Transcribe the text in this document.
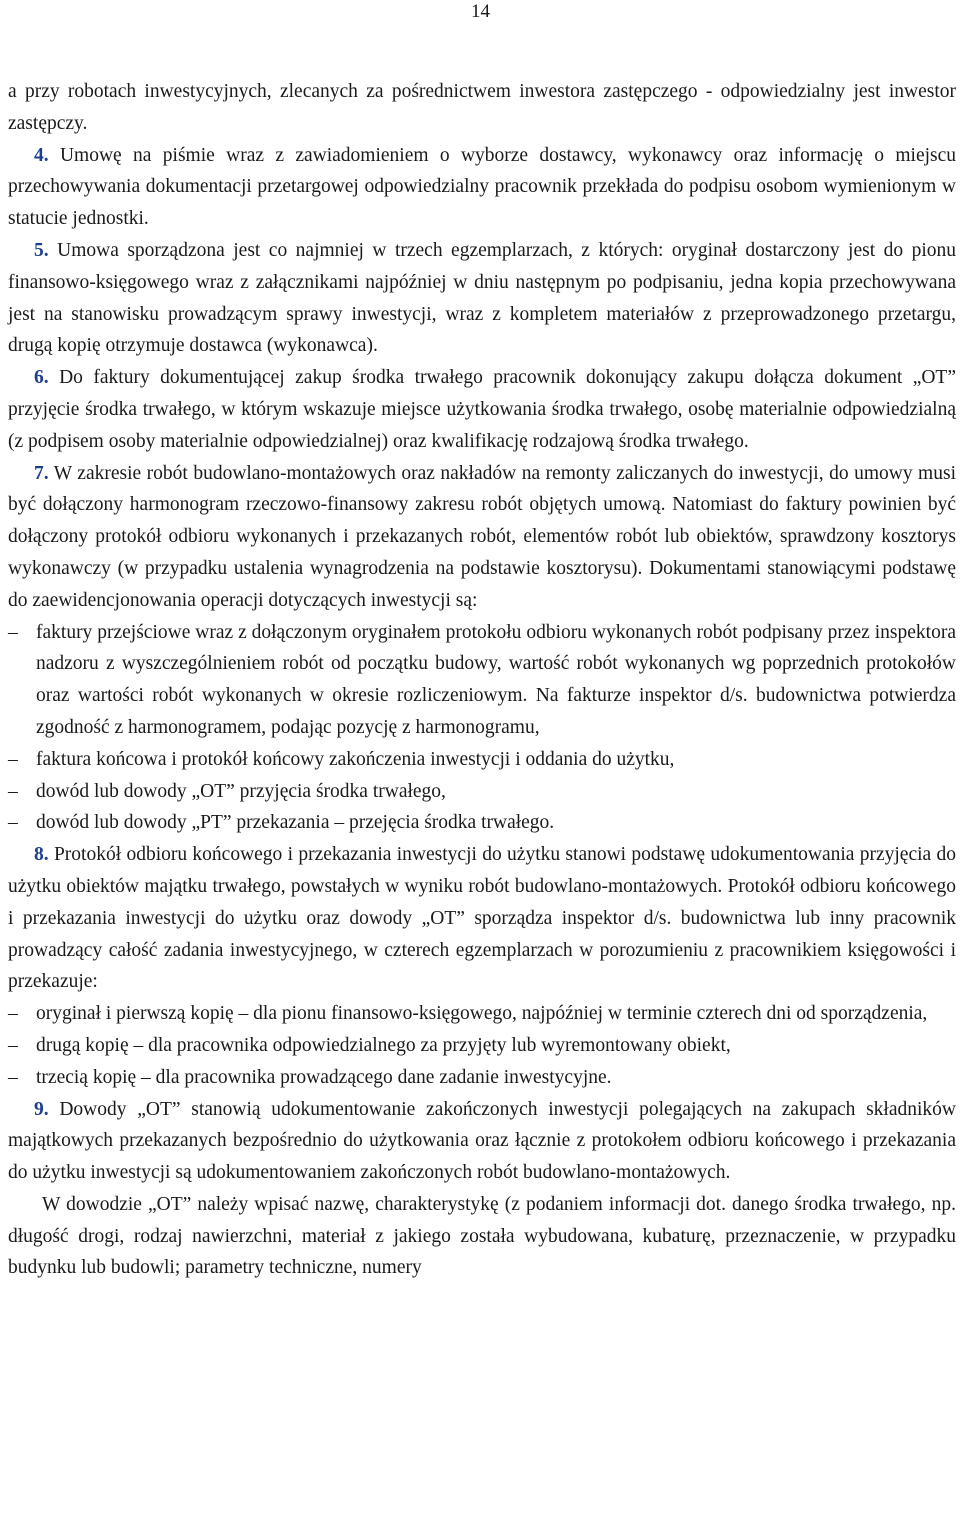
14

a przy robotach inwestycyjnych, zlecanych za pośrednictwem inwestora zastępczego - odpowiedzialny jest inwestor zastępczy.

4. Umowę na piśmie wraz z zawiadomieniem o wyborze dostawcy, wykonawcy oraz informację o miejscu przechowywania dokumentacji przetargowej odpowiedzialny pracownik przekłada do podpisu osobom wymienionym w statucie jednostki.

5. Umowa sporządzona jest co najmniej w trzech egzemplarzach, z których: oryginał dostarczony jest do pionu finansowo-księgowego wraz z załącznikami najpóźniej w dniu następnym po podpisaniu, jedna kopia przechowywana jest na stanowisku prowadzącym sprawy inwestycji, wraz z kompletem materiałów z przeprowadzonego przetargu, drugą kopię otrzymuje dostawca (wykonawca).

6. Do faktury dokumentującej zakup środka trwałego pracownik dokonujący zakupu dołącza dokument „OT” przyjęcie środka trwałego, w którym wskazuje miejsce użytkowania środka trwałego, osobę materialnie odpowiedzialną (z podpisem osoby materialnie odpowiedzialnej) oraz kwalifikację rodzajową środka trwałego.

7. W zakresie robót budowlano-montażowych oraz nakładów na remonty zaliczanych do inwestycji, do umowy musi być dołączony harmonogram rzeczowo-finansowy zakresu robót objętych umową. Natomiast do faktury powinien być dołączony protokół odbioru wykonanych i przekazanych robót, elementów robót lub obiektów, sprawdzony kosztorys wykonawczy (w przypadku ustalenia wynagrodzenia na podstawie kosztorysu). Dokumentami stanowiącymi podstawę do zaewidencjonowania operacji dotyczących inwestycji są:

–
faktury przejściowe wraz z dołączonym oryginałem protokołu odbioru wykonanych robót podpisany przez inspektora nadzoru z wyszczególnieniem robót od początku budowy, wartość robót wykonanych wg poprzednich protokołów oraz wartości robót wykonanych w okresie rozliczeniowym. Na fakturze inspektor d/s. budownictwa potwierdza zgodność z harmonogramem, podając pozycję z harmonogramu,
–
faktura końcowa i protokół końcowy zakończenia inwestycji i oddania do użytku,
–
dowód lub dowody „OT” przyjęcia środka trwałego,
–
dowód lub dowody „PT” przekazania – przejęcia środka trwałego.

8. Protokół odbioru końcowego i przekazania inwestycji do użytku stanowi podstawę udokumentowania przyjęcia do użytku obiektów majątku trwałego, powstałych w wyniku robót budowlano-montażowych. Protokół odbioru końcowego i przekazania inwestycji do użytku oraz dowody „OT” sporządza inspektor d/s. budownictwa lub inny pracownik prowadzący całość zadania inwestycyjnego, w czterech egzemplarzach w porozumieniu z pracownikiem księgowości i przekazuje:

–
oryginał i pierwszą kopię – dla pionu finansowo-księgowego, najpóźniej w terminie czterech dni od sporządzenia,
–
drugą kopię – dla pracownika odpowiedzialnego za przyjęty lub wyremontowany obiekt,
–
trzecią kopię – dla pracownika prowadzącego dane zadanie inwestycyjne.

9. Dowody „OT” stanowią udokumentowanie zakończonych inwestycji polegających na zakupach składników majątkowych przekazanych bezpośrednio do użytkowania oraz łącznie z protokołem odbioru końcowego i przekazania do użytku inwestycji są udokumentowaniem zakończonych robót budowlano-montażowych.

W dowodzie „OT” należy wpisać nazwę, charakterystykę (z podaniem informacji dot. danego środka trwałego, np. długość drogi, rodzaj nawierzchni, materiał z jakiego została wybudowana, kubaturę, przeznaczenie, w przypadku budynku lub budowli; parametry techniczne, numery
